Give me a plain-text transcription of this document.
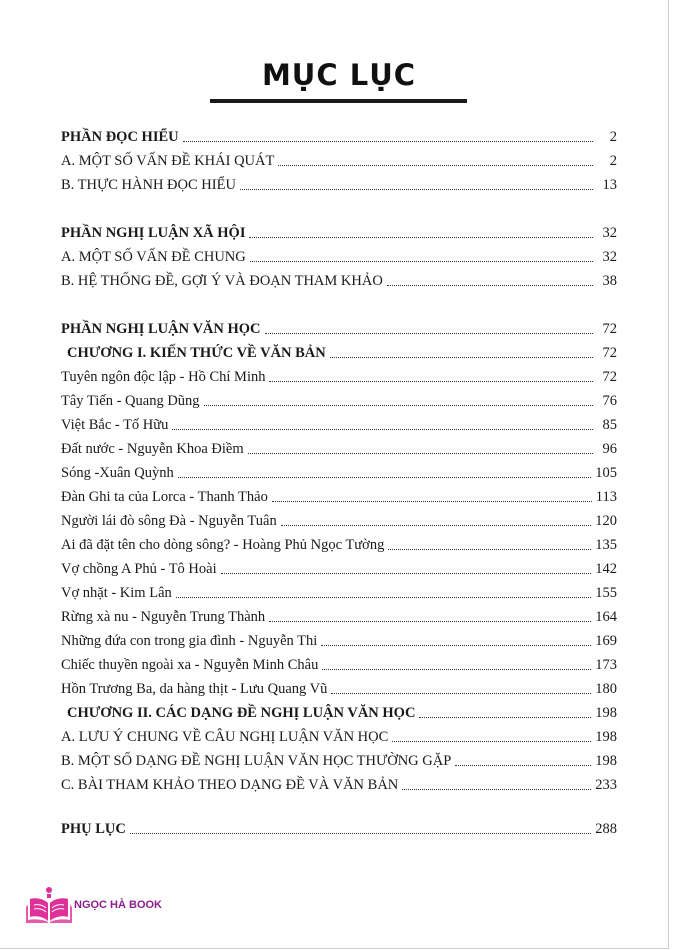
MỤC LỤC
PHẦN ĐỌC HIỂU	2
A. MỘT SỐ VẤN ĐỀ KHÁI QUÁT	2
B. THỰC HÀNH ĐỌC HIỂU	13
PHẦN NGHỊ LUẬN XÃ HỘI	32
A. MỘT SỐ VẤN ĐỀ CHUNG	32
B. HỆ THỐNG ĐỀ, GỢI Ý VÀ ĐOẠN THAM KHẢO	38
PHẦN NGHỊ LUẬN VĂN HỌC	72
CHƯƠNG I. KIẾN THỨC VỀ VĂN BẢN	72
Tuyên ngôn độc lập - Hồ Chí Minh	72
Tây Tiến - Quang Dũng	76
Việt Bắc - Tố Hữu	85
Đất nước - Nguyễn Khoa Điềm	96
Sóng -Xuân Quỳnh	105
Đàn Ghi ta của Lorca - Thanh Thảo	113
Người lái đò sông Đà - Nguyễn Tuân	120
Ai đã đặt tên cho dòng sông? - Hoàng Phủ Ngọc Tường	135
Vợ chồng A Phủ - Tô Hoài	142
Vợ nhặt - Kim Lân	155
Rừng xà nu - Nguyễn Trung Thành	164
Những đứa con trong gia đình - Nguyễn Thi	169
Chiếc thuyền ngoài xa - Nguyễn Minh Châu	173
Hồn Trương Ba, da hàng thịt - Lưu Quang Vũ	180
CHƯƠNG II. CÁC DẠNG ĐỀ NGHỊ LUẬN VĂN HỌC	198
A. LƯU Ý CHUNG VỀ CÂU NGHỊ LUẬN VĂN HỌC	198
B. MỘT SỐ DẠNG ĐỀ NGHỊ LUẬN VĂN HỌC THƯỜNG GẶP	198
C. BÀI THAM KHẢO THEO DẠNG ĐỀ VÀ VĂN BẢN	233
PHỤ LỤC	288
NGỌC HÀ BOOK
